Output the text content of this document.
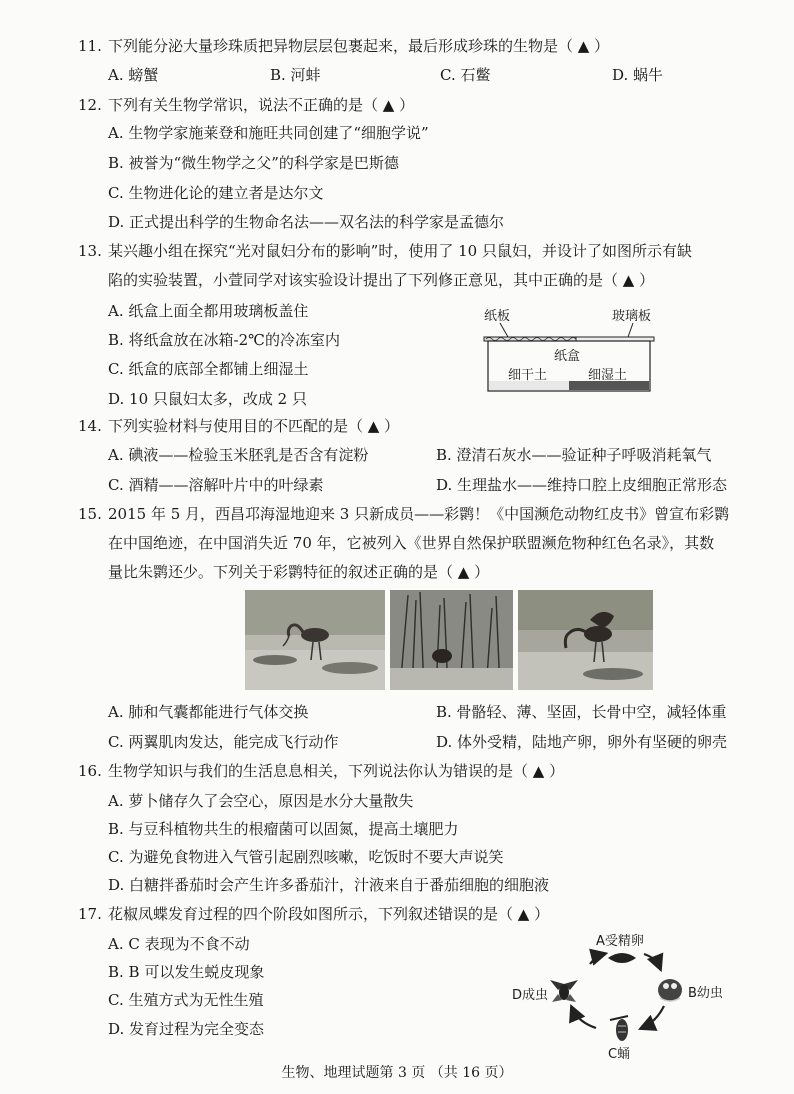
11. 下列能分泌大量珍珠质把异物层层包裹起来，最后形成珍珠的生物是（ ▲ ）
A. 螃蟹	B. 河蚌	C. 石鳖	D. 蜗牛
12. 下列有关生物学常识，说法不正确的是（ ▲ ）
A. 生物学家施莱登和施旺共同创建了“细胞学说”
B. 被誉为“微生物学之父”的科学家是巴斯德
C. 生物进化论的建立者是达尔文
D. 正式提出科学的生物命名法——双名法的科学家是孟德尔
13. 某兴趣小组在探究“光对鼠妇分布的影响”时，使用了 10 只鼠妇，并设计了如图所示有缺
陷的实验装置，小萱同学对该实验设计提出了下列修正意见，其中正确的是（ ▲ ）
A. 纸盒上面全都用玻璃板盖住
B. 将纸盒放在冰箱-2℃的冷冻室内
C. 纸盒的底部全都铺上细湿土
D. 10 只鼠妇太多，改成 2 只
纸板	玻璃板
纸盒
细干土	细湿土
14. 下列实验材料与使用目的不匹配的是（ ▲ ）
A. 碘液——检验玉米胚乳是否含有淀粉	B. 澄清石灰水——验证种子呼吸消耗氧气
C. 酒精——溶解叶片中的叶绿素	D. 生理盐水——维持口腔上皮细胞正常形态
15. 2015 年 5 月，西昌邛海湿地迎来 3 只新成员——彩鹮！《中国濒危动物红皮书》曾宣布彩鹮
在中国绝迹，在中国消失近 70 年，它被列入《世界自然保护联盟濒危物种红色名录》，其数
量比朱鹮还少。下列关于彩鹮特征的叙述正确的是（ ▲ ）
A. 肺和气囊都能进行气体交换	B. 骨骼轻、薄、坚固，长骨中空，减轻体重
C. 两翼肌肉发达，能完成飞行动作	D. 体外受精，陆地产卵，卵外有坚硬的卵壳
16. 生物学知识与我们的生活息息相关，下列说法你认为错误的是（ ▲ ）
A. 萝卜储存久了会空心，原因是水分大量散失
B. 与豆科植物共生的根瘤菌可以固氮，提高土壤肥力
C. 为避免食物进入气管引起剧烈咳嗽，吃饭时不要大声说笑
D. 白糖拌番茄时会产生许多番茄汁，汁液来自于番茄细胞的细胞液
17. 花椒凤蝶发育过程的四个阶段如图所示，下列叙述错误的是（ ▲ ）
A. C 表现为不食不动
B. B 可以发生蜕皮现象
C. 生殖方式为无性生殖
D. 发育过程为完全变态
A受精卵
B幼虫
D成虫
C蛹
生物、地理试题第 3 页 （共 16 页）
